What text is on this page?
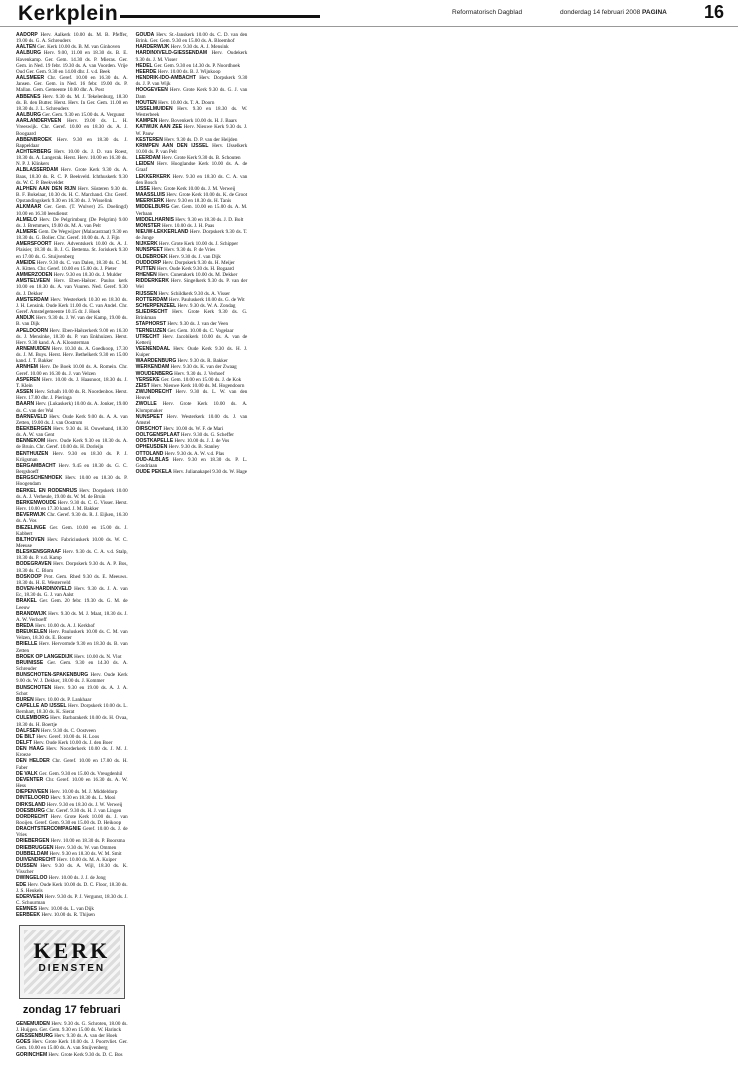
Kerkplein	Reformatorisch Dagblad	donderdag 14 februari 2008 PAGINA 16

AADORP Herv. Aalkerk 10.00 ds. M. B. Pfeffer, 19.00 ds. G. A. Schreuders

AALTEN Ger. Kerk 10.00 ds. B. M. van Ginhoven

AALBURG Herv. 9.00, 11.00 en 18.30 ds. B. E. Havenkamp. Ger. Gem. 14.30 ds. P. Mieras. Ger. Gem. in Ned. 19 febr. 19.30 ds. A. van Voorden. Vrije Oud Ger. Gem. 9.30 en 14.00 dhr. J. v.d. Beek

AALSMEER Chr. Geref. 10.00 en 16.30 ds. A. Jansen. Ger. Gem. in Ned. 16 febr. 19.00 ds. P. Mallan. Gem. Gemeente 10.00 dhr. A. Post

ABBENES Herv. 9.30 ds. M. J. Tekelenburg, 18.30 ds. B. den Butter. Herst. Herv. In Ger. Gem. 11.00 en 18.30 ds. J. L. Schreuders

AALBURG Ger. Gem. 9.30 en 15.00 ds. A. Vergunst

AARLANDERVEEN Herv. 19.00 ds. L. H. Vreeswijk. Chr. Geref. 10.00 en 18.30 ds. A. J. Boogaard

ABBENBROEK Herv. 9.30 en 18.30 ds. J. Rappeldaar

ACHTERBERG Herv. 10.00 ds. J. D. van Roest, 18.30 ds. A. Langerak. Herst. Herv. 10.00 en 16.30 ds. N. P. J. Klinkers

ALBLASSERDAM Herv. Grote Kerk 9.30 ds. A. Baas, 18.30 ds. R. C. P. Beekveld. Ichthuskerk 9.30 ds. W. C. P. Beekveldet

ALPHEN AAN DEN RIJN Herv. Süsteren 9.30 ds. B. F. Bokelaar, 10.30 ds. H. C. Marchand. Chr. Geref. Opstandingskerk 9.30 en 16.30 ds. J. Wisselink

ALKMAAR Ger. Gem. (T. Wulver) 25. Doelingd) 10.00 en 16.30 leesdienst

ALMELO Herv. De Pelgrimburg (De Pelgrim) 9.00 ds. J. Bremmers, 19.00 ds. M. A. van Pelt

ALMERE Gem. De Wegwijzer (Malacastraat) 9.30 en 18.30 ds. G. Bolier. Chr. Geref. 10.00 ds. A. J. Fijn

AMERSFOORT Herv. Adventskerk 10.00 ds. A. J. Plaisier, 18.30 ds. B. J. G. Bettema. St. Joriskerk 9.30 en 17.00 ds. G. Stuijvenberg

AMEIDE Herv. 9.30 ds. C. van Dalen, 18.30 ds. C. M. A. Kitten. Chr. Geref. 10.00 en 15.00 ds. J. Pieter

AMMERZODEN Herv. 9.30 en 18.30 ds. J. Mulder

AMSTELVEEN Herv. Eben-Haëzer. Paulus kerk 10.00 en 18.30 ds. A. van Vuuren. Ned. Geref. 9.30 ds. J. Dekker

AMSTERDAM Herv. Westerkerk 10.30 en 18.30 ds. J. H. Lensink. Oude Kerk 11.00 ds. C. van Andel. Chr. Geref. Amstelgemeente 10.15 dr. J. Hoek

ANDIJK Herv. 9.30 ds. J. W. van der Kamp, 19.00 ds. B. van Dijk

APELDOORN Herv. Eben-Haëzerkerk 9.00 en 16.30 ds. J. Mensinke, 18.30 ds. P. van Enkhuizen. Herst. Herv. 9.30 kand. A. A. Kloosterman

ARNEMUIDEN Herv. 10.30 ds. A. Goedkoop, 17.30 ds. J. M. Buys. Herst. Herv. Bethelkerk 9.30 en 15.00 kand. J. T. Bakker

ARNHEM Herv. De Boek 10.00 ds. A. Romein. Chr. Geref. 10.00 en 16.30 ds. J. van Velzen

ASPEREN Herv. 10.00 ds. J. Haasnoot, 18.30 ds. J. T. Klein

ASSEN Herv. Schalh 10.00 ds. R. Noordenbos. Herst. Herv. 17.00 dhr. J. Pieringa

BAARN Herv. (Lukaskerk) 10.00 ds. A. Jonker, 19.00 ds. C. van der Wal

BARNEVELD Herv. Oude Kerk 9.00 ds. A. A. van Zetten, 19.00 ds. J. van Oostrum

BEEKBERGEN Herv. 9.30 ds. H. Ouwehand, 18.30 ds. A. W. van Gent

BENNEKOM Herv. Oude Kerk 9.30 en 18.30 ds. A. de Bruin. Chr. Geref. 10.00 ds. H. Dorleijn

BENTHUIZEN Herv. 9.30 en 18.30 ds. P. J. Kriigsman

BERGAMBACHT Herv. 9.45 en 18.30 ds. G. C. Bergshoeff

BERGSCHENHOEK Herv. 10.00 en 18.30 ds. P. Hoogendam

BERKEL EN RODENRIJS Herv. Dorpskerk 10.00 ds. A. J. Verheule, 19.00 ds. W. M. de Bruin

BERKENWOUDE Herv. 9.30 ds. C. G. Visser. Herst. Herv. 10.00 en 17.30 kand. J. M. Bakker

BEVERWIJK Chr. Geref. 9.30 ds. R. J. Eijken, 16.30 ds. A. Vos

BIEZELINGE Ger. Gem. 10.00 en 15.00 ds. J. Kabbert

BILTHOVEN Herv. Fabriciuskerk 10.00 ds. W. C. Meeuse

BLESKENSGRAAF Herv. 9.30 ds. C. A. v.d. Stalp, 18.30 ds. P. v.d. Kamp

BODEGRAVEN Herv. Dorpskerk 9.30 ds. A. P. Bos, 18.30 ds. C. Blom

BOSKOOP Prot. Gem. Rhed 9.30 ds. E. Meeuws. 18.30 ds. H. E. Westerveld

BOVEN-HARDINXVELD Herv. 9.30 ds. J. A. van Ec, 18.30 ds. G. J. van Aalst

BRAKEL Ger. Gem. 20 febr. 19.30 ds. G. M. de Leeuw

BRANDWIJK Herv. 9.30 ds. M. J. Maat, 18.30 ds. J. A. W. Verhoeff

BREDA Herv. 10.00 ds. A. J. Kerkhof

BREUKELEN Herv. Pauluskerk 10.00 ds. C. M. van Velzen, 18.30 ds. E. Bouter

BRIELLE Herv. Hervormde 9.30 en 18.30 ds. B. van Zetten

BROEK OP LANGEDIJK Herv. 10.00 ds. N. Vlot

BRUINISSE Ger. Gem. 9.30 en 14.30 ds. A. Schreuder

BUNSCHOTEN-SPAKENBURG Herv. Oude Kerk 9.00 ds. W. J. Dekker, 18.00 ds. J. Kommer

BUNSCHOTEN Herv. 9.30 en 19.00 ds. A. J. A. Schot

BUREN Herv. 10.00 ds. P. Lankhaar

CAPELLE AD IJSSEL Herv. Dorpskerk 10.00 ds. L. Bernhart, 18.30 ds. K. Sierat

CULEMBORG Herv. Barbarakerk 10.00 ds. H. Ovaa, 18.30 ds. H. Boertje

DALFSEN Herv. 9.30 ds. C. Oostveen

DE BILT Herv. Geref. 10.00 ds. H. Loos

DELFT Herv. Oude Kerk 10.00 ds. J. den Boer

DEN HAAG Herv. Noorderkerk 10.00 ds. J. M. J. Kroeze

DEN HELDER Chr. Geref. 10.00 en 17.00 ds. H. Faber

DE VALK Ger. Gem. 9.30 en 15.00 ds. Vreugdenhil

DEVENTER Chr. Geref. 10.00 en 16.30 ds. A. W. Hess

DIEPENVEEN Herv. 10.00 ds. M. J. Middeldorp

DINTELOORD Herv. 9.30 en 18.30 ds. L. Mooi

DIRKSLAND Herv. 9.30 en 18.30 ds. J. W. Verweij

DOESBURG Chr. Geref. 9.30 ds. H. J. van Lingen

DORDRECHT Herv. Grote Kerk 10.00 ds. J. van Rooijen. Geref. Gem. 9.30 en 15.00 ds. D. Heikoop

DRACHTSTERCOMPAGNIE Geref. 10.00 ds. J. de Vries

DRIEBERGEN Herv. 10.00 en 18.30 ds. P. Boorsma

DRIEBRUGGEN Herv. 9.30 ds. W. van Ommen

DUBBELDAM Herv. 9.30 en 18.30 ds. W. M. Smit

DUIVENDRECHT Herv. 10.00 ds. M. A. Kuiper

DUSSEN Herv. 9.30 ds. A. Wijl, 18.30 ds. K. Visscher

DWINGELOO Herv. 10.00 ds. J. J. de Jong

EDE Herv. Oude Kerk 10.00 ds. D. C. Floor, 18.30 ds. J. S. Heukels

EDERVEEN Herv. 9.30 ds. P. J. Vergunst, 18.30 ds. J. C. Schuurman

EEMNES Herv. 10.00 ds. L. van Dijk

EERBEEK Herv. 10.00 ds. R. Thijsen

KERK
DIENSTEN
zondag 17 februari

GENEMUIDEN Herv. 9.30 ds. G. Schroten, 18.00 ds. J. Huijgen. Ger. Gem. 9.30 en 15.00 ds. W. Harinck

GIESSENBURG Herv. 9.30 ds. A. van der Hoek

GOES Herv. Grote Kerk 10.00 ds. J. Poortvliet. Ger. Gem. 10.00 en 15.00 ds. A. van Stuijvenberg

GORINCHEM Herv. Grote Kerk 9.30 ds. D. C. Bos

GOUDA Herv. St.-Janskerk 10.00 ds. C. D. van den Brink. Ger. Gem. 9.30 en 15.00 ds. A. Bloemhof

HARDERWIJK Herv. 9.30 ds. A. J. Mensink

HARDINXVELD-GIESSENDAM Herv. Oudekerk 9.30 ds. J. M. Visser

HEDEL Ger. Gem. 9.30 en 14.30 ds. P. Noordhoek

HEERDE Herv. 10.00 ds. B. J. Wijnkoop

HENDRIK-IDO-AMBACHT Herv. Dorpskerk 9.30 ds. J. P. van Wijk

HOOGEVEEN Herv. Grote Kerk 9.30 ds. G. J. van Dam

HOUTEN Herv. 10.00 ds. T. A. Doorn

IJSSELMUIDEN Herv. 9.30 en 18.30 ds. W. Westerbeek

KAMPEN Herv. Bovenkerk 10.00 ds. H. J. Baars

KATWIJK AAN ZEE Herv. Nieuwe Kerk 9.30 ds. J. W. Pauw

KESTEREN Herv. 9.30 ds. D. P. van der Heijden

KRIMPEN AAN DEN IJSSEL Herv. IJsselkerk 10.00 ds. P. van Pelt

LEERDAM Herv. Grote Kerk 9.30 ds. B. Schouten

LEIDEN Herv. Hooglandse Kerk 10.00 ds. A. de Graaf

LEKKERKERK Herv. 9.30 en 18.30 ds. C. A. van den Bosch

LISSE Herv. Grote Kerk 10.00 ds. J. M. Verweij

MAASSLUIS Herv. Grote Kerk 10.00 ds. K. de Groot

MEERKERK Herv. 9.30 en 18.30 ds. H. Tanis

MIDDELBURG Ger. Gem. 10.00 en 15.00 ds. A. M. Verbaan

MIDDELHARNIS Herv. 9.30 en 18.30 ds. J. D. Bolt

MONSTER Herv. 10.00 ds. J. H. Paas

NIEUW-LEKKERLAND Herv. Dorpskerk 9.30 ds. T. de Jonge

NIJKERK Herv. Grote Kerk 10.00 ds. J. Schipper

NUNSPEET Herv. 9.30 ds. P. de Vries

OLDEBROEK Herv. 9.30 ds. J. van Dijk

OUDDORP Herv. Dorpskerk 9.30 ds. H. Meijer

PUTTEN Herv. Oude Kerk 9.30 ds. H. Bogaard

RHENEN Herv. Cunerakerk 10.00 ds. M. Dekker

RIDDERKERK Herv. Singelkerk 9.30 ds. P. van der Wel

RIJSSEN Herv. Schildkerk 9.30 ds. A. Visser

ROTTERDAM Herv. Pauluskerk 10.00 ds. G. de Wit

SCHERPENZEEL Herv. 9.30 ds. W. A. Zondag

SLIEDRECHT Herv. Grote Kerk 9.30 ds. G. Brinkman

STAPHORST Herv. 9.30 ds. J. van der Veen

TERNEUZEN Ger. Gem. 10.00 ds. C. Vogelaar

UTRECHT Herv. Jacobikerk 10.00 ds. A. van de Ketterij

VEENENDAAL Herv. Oude Kerk 9.30 ds. H. J. Kuiper

WAARDENBURG Herv. 9.30 ds. R. Bakker

WERKENDAM Herv. 9.30 ds. K. van der Zwaag

WOUDENBERG Herv. 9.30 ds. J. Verhoef

YERSEKE Ger. Gem. 10.00 en 15.00 ds. J. de Kok

ZEIST Herv. Nieuwe Kerk 10.00 ds. M. Hogendoorn

ZWIJNDRECHT Herv. 9.30 ds. L. W. van den Heuvel

ZWOLLE Herv. Grote Kerk 10.00 ds. A. Klompmaker

NUNSPEET Herv. Westerkerk 10.00 ds. J. van Amstel

OIRSCHOT Herv. 10.00 ds. W. F. de Mari

OOLTGENSPLAAT Herv. 9.30 ds. G. Scheffer

OOSTKAPELLE Herv. 10.00 ds. J. J. de Vos

OPHEUSDEN Herv. 9.30 ds. B. Stanley

OTTOLAND Herv. 9.30 ds. A. W. v.d. Plas

OUD-ALBLAS Herv. 9.30 en 18.30 ds. P. L. Goudriaan

OUDE PEKELA Herv. Julianakapel 9.30 ds. W. Hage
